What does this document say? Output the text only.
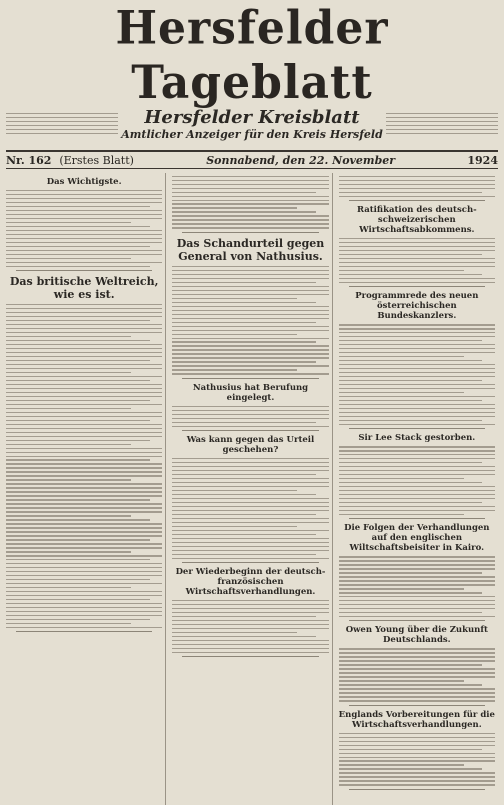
Hersfelder Tageblatt
Hersfelder Kreisblatt
Amtlicher Anzeiger für den Kreis Hersfeld
Nr. 162 (Erstes Blatt)	Sonnabend, den 22. November	1924
Das Wichtigste.
Das britische Weltreich, wie es ist.
Das Schandurteil gegen General von Nathusius.
Nathusius hat Berufung eingelegt.
Was kann gegen das Urteil geschehen?
Der Wiederbeginn der deutsch-französischen Wirtschaftsverhandlungen.
Ratifikation des deutsch-schweizerischen Wirtschaftsabkommens.
Programmrede des neuen österreichischen Bundeskanzlers.
Sir Lee Stack gestorben.
Die Folgen der Verhandlungen auf den englischen Wiltschaftsbeisiter in Kairo.
Owen Young über die Zukunft Deutschlands.
Englands Vorbereitungen für die Wirtschaftsverhandlungen.
